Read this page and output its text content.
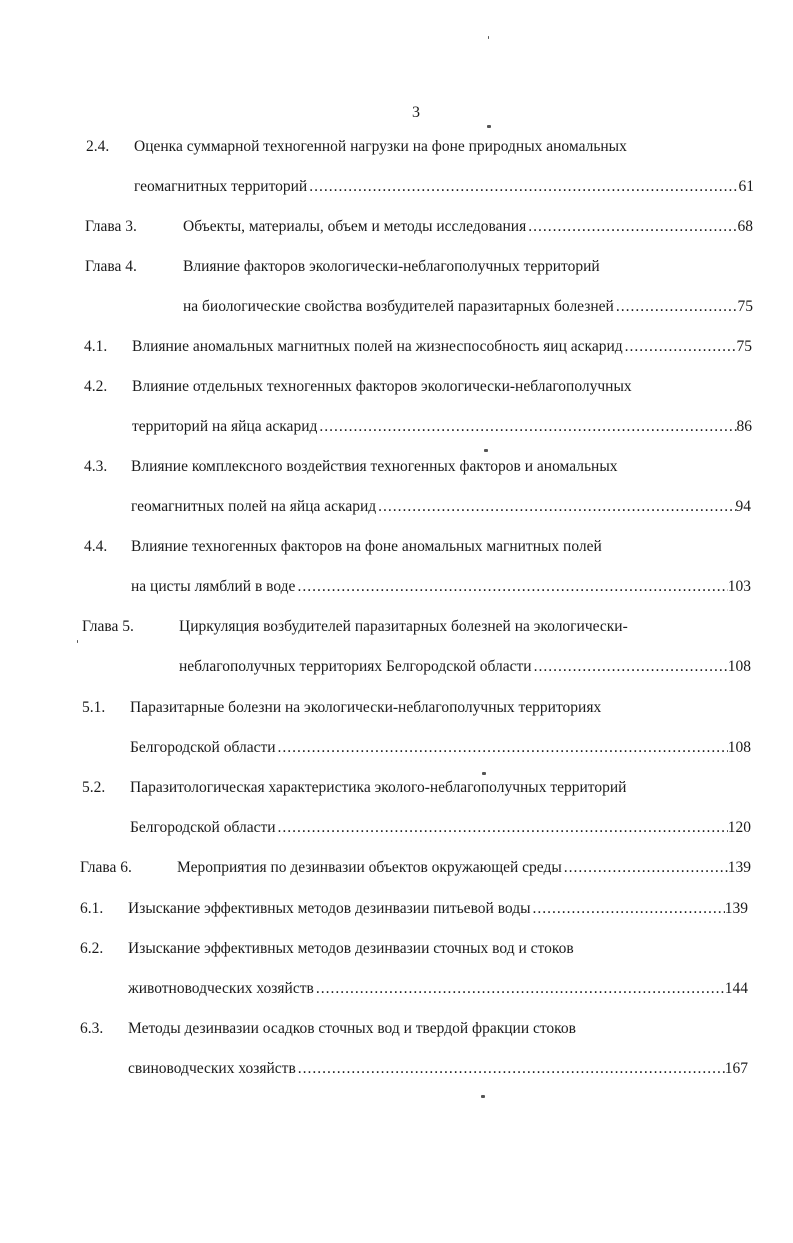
3
2.4. Оценка суммарной техногенной нагрузки на фоне природных аномальных
геомагнитных территорий .....	61
Глава 3.	Объекты, материалы, объем и методы исследования .....	68
Глава 4.	Влияние факторов экологически-неблагополучных территорий
на биологические свойства возбудителей паразитарных болезней .....	75
4.1. Влияние аномальных магнитных полей на жизнеспособность яиц аскарид .....	75
4.2. Влияние отдельных техногенных факторов экологически-неблагополучных
территорий на яйца аскарид .....	86
4.3. Влияние комплексного воздействия техногенных факторов и аномальных
геомагнитных полей на яйца аскарид .....	94
4.4. Влияние техногенных факторов на фоне аномальных магнитных полей
на цисты лямблий в воде .....	103
Глава 5.	Циркуляция возбудителей паразитарных болезней на экологически-
неблагополучных территориях Белгородской области .....	108
5.1. Паразитарные болезни на экологически-неблагополучных территориях
Белгородской области .....	108
5.2. Паразитологическая характеристика эколого-неблагополучных территорий
Белгородской области .....	120
Глава 6.	Мероприятия по дезинвазии объектов окружающей среды .....	139
6.1. Изыскание эффективных методов дезинвазии питьевой воды .....	139
6.2. Изыскание эффективных методов дезинвазии сточных вод и стоков
животноводческих хозяйств .....	144
6.3. Методы дезинвазии осадков сточных вод и твердой фракции стоков
свиноводческих хозяйств .....	167
